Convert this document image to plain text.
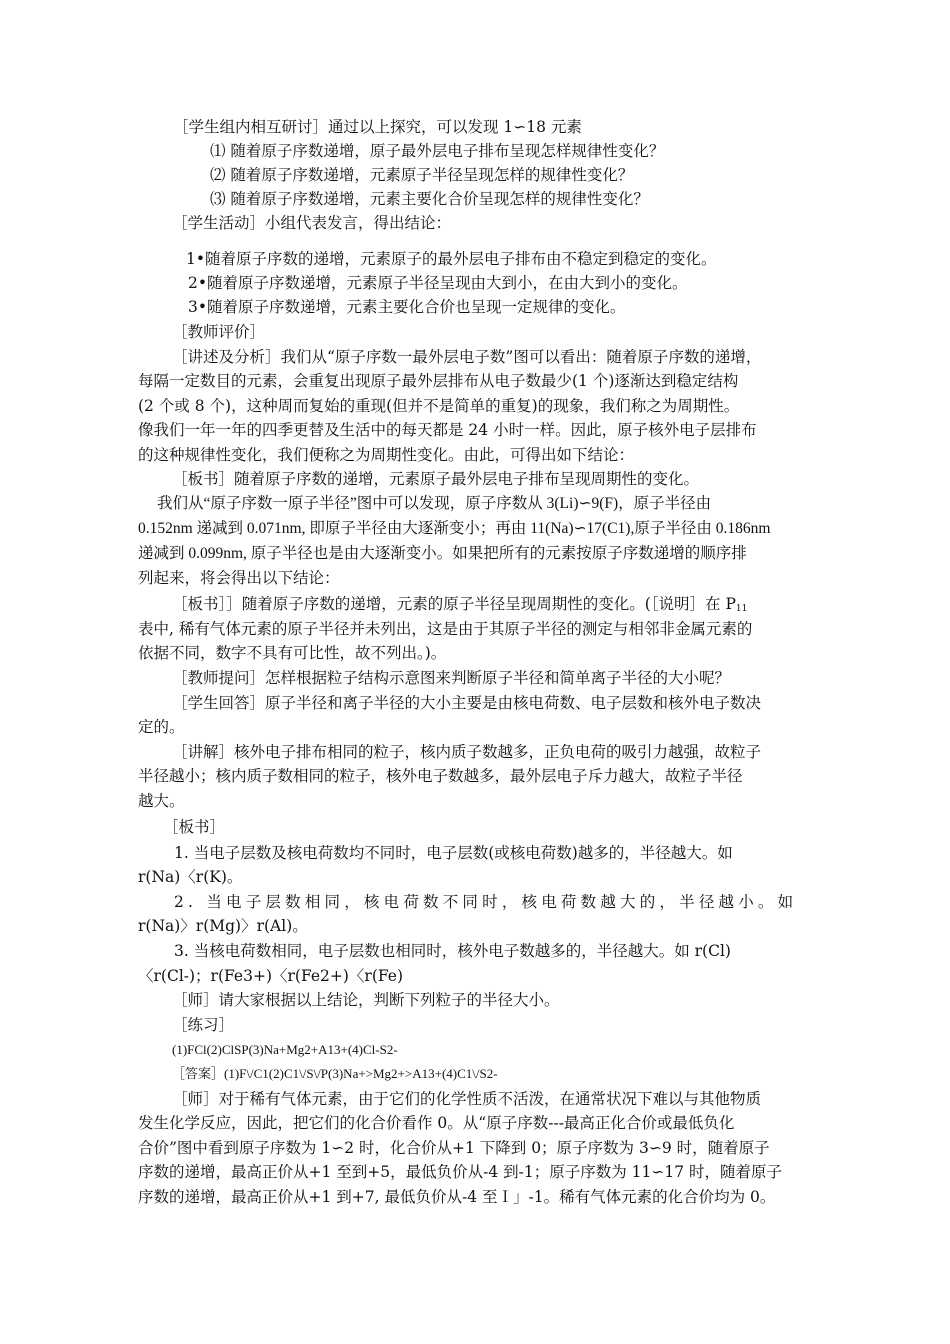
［学生组内相互研讨］通过以上探究，可以发现 1∽18 元素
⑴ 随着原子序数递增，原子最外层电子排布呈现怎样规律性变化？
⑵ 随着原子序数递增，元素原子半径呈现怎样的规律性变化？
⑶ 随着原子序数递增，元素主要化合价呈现怎样的规律性变化？
［学生活动］小组代表发言，得出结论：
1•随着原子序数的递增，元素原子的最外层电子排布由不稳定到稳定的变化。
2•随着原子序数递增，元素原子半径呈现由大到小，在由大到小的变化。
3•随着原子序数递增，元素主要化合价也呈现一定规律的变化。
［教师评价］
［讲述及分析］我们从“原子序数一最外层电子数”图可以看出：随着原子序数的递增，
每隔一定数目的元素，会重复出现原子最外层排布从电子数最少(1 个)逐渐达到稳定结构
(2 个或 8 个)，这种周而复始的重现(但并不是简单的重复)的现象，我们称之为周期性。
像我们一年一年的四季更替及生活中的每天都是 24 小时一样。因此，原子核外电子层排布
的这种规律性变化，我们便称之为周期性变化。由此，可得出如下结论：
［板书］随着原子序数的递增，元素原子最外层电子排布呈现周期性的变化。
我们从“原子序数一原子半径”图中可以发现，原子序数从 3(Li)∽9(F)，原子半径由
0.152nm 递减到 0.071nm, 即原子半径由大逐渐变小；再由 11(Na)∽17(C1),原子半径由 0.186nm
递减到 0.099nm, 原子半径也是由大逐渐变小。如果把所有的元素按原子序数递增的顺序排
列起来，将会得出以下结论：
［板书］］随着原子序数的递增，元素的原子半径呈现周期性的变化。(［说明］在 $P_{11}$
表中, 稀有气体元素的原子半径并未列出，这是由于其原子半径的测定与相邻非金属元素的
依据不同，数字不具有可比性，故不列出。)。
［教师提问］怎样根据粒子结构示意图来判断原子半径和简单离子半径的大小呢？
［学生回答］原子半径和离子半径的大小主要是由核电荷数、电子层数和核外电子数决
定的。
［讲解］核外电子排布相同的粒子，核内质子数越多，正负电荷的吸引力越强，故粒子
半径越小；核内质子数相同的粒子，核外电子数越多，最外层电子斥力越大，故粒子半径
越大。
［板书］
1. 当电子层数及核电荷数均不同时，电子层数(或核电荷数)越多的，半径越大。如
r(Na)〈r(K)。
2. 当电子层数相同，核电荷数不同时，核电荷数越大的，半径越小。如
r(Na)〉r(Mg)〉r(Al)。
3. 当核电荷数相同，电子层数也相同时，核外电子数越多的，半径越大。如 r(Cl)
〈r(Cl-)；r(Fe3+)〈r(Fe2+)〈r(Fe)
［师］请大家根据以上结论，判断下列粒子的半径大小。
［练习］
(1)FCl(2)ClSP(3)Na+Mg2+A13+(4)Cl-S2-
［答案］(1)F\/C1(2)C1\/S\/P(3)Na+>Mg2+>A13+(4)C1\/S2-
［师］对于稀有气体元素，由于它们的化学性质不活泼，在通常状况下难以与其他物质
发生化学反应，因此，把它们的化合价看作 0。从“原子序数---最高正化合价或最低负化
合价”图中看到原子序数为 1∽2 时，化合价从+1 下降到 0；原子序数为 3∽9 时，随着原子
序数的递增，最高正价从+1 至到+5，最低负价从-4 到-1；原子序数为 11∽17 时，随着原子
序数的递增，最高正价从+1 到+7, 最低负价从-4 至Ｉ」-1。稀有气体元素的化合价均为 0。
